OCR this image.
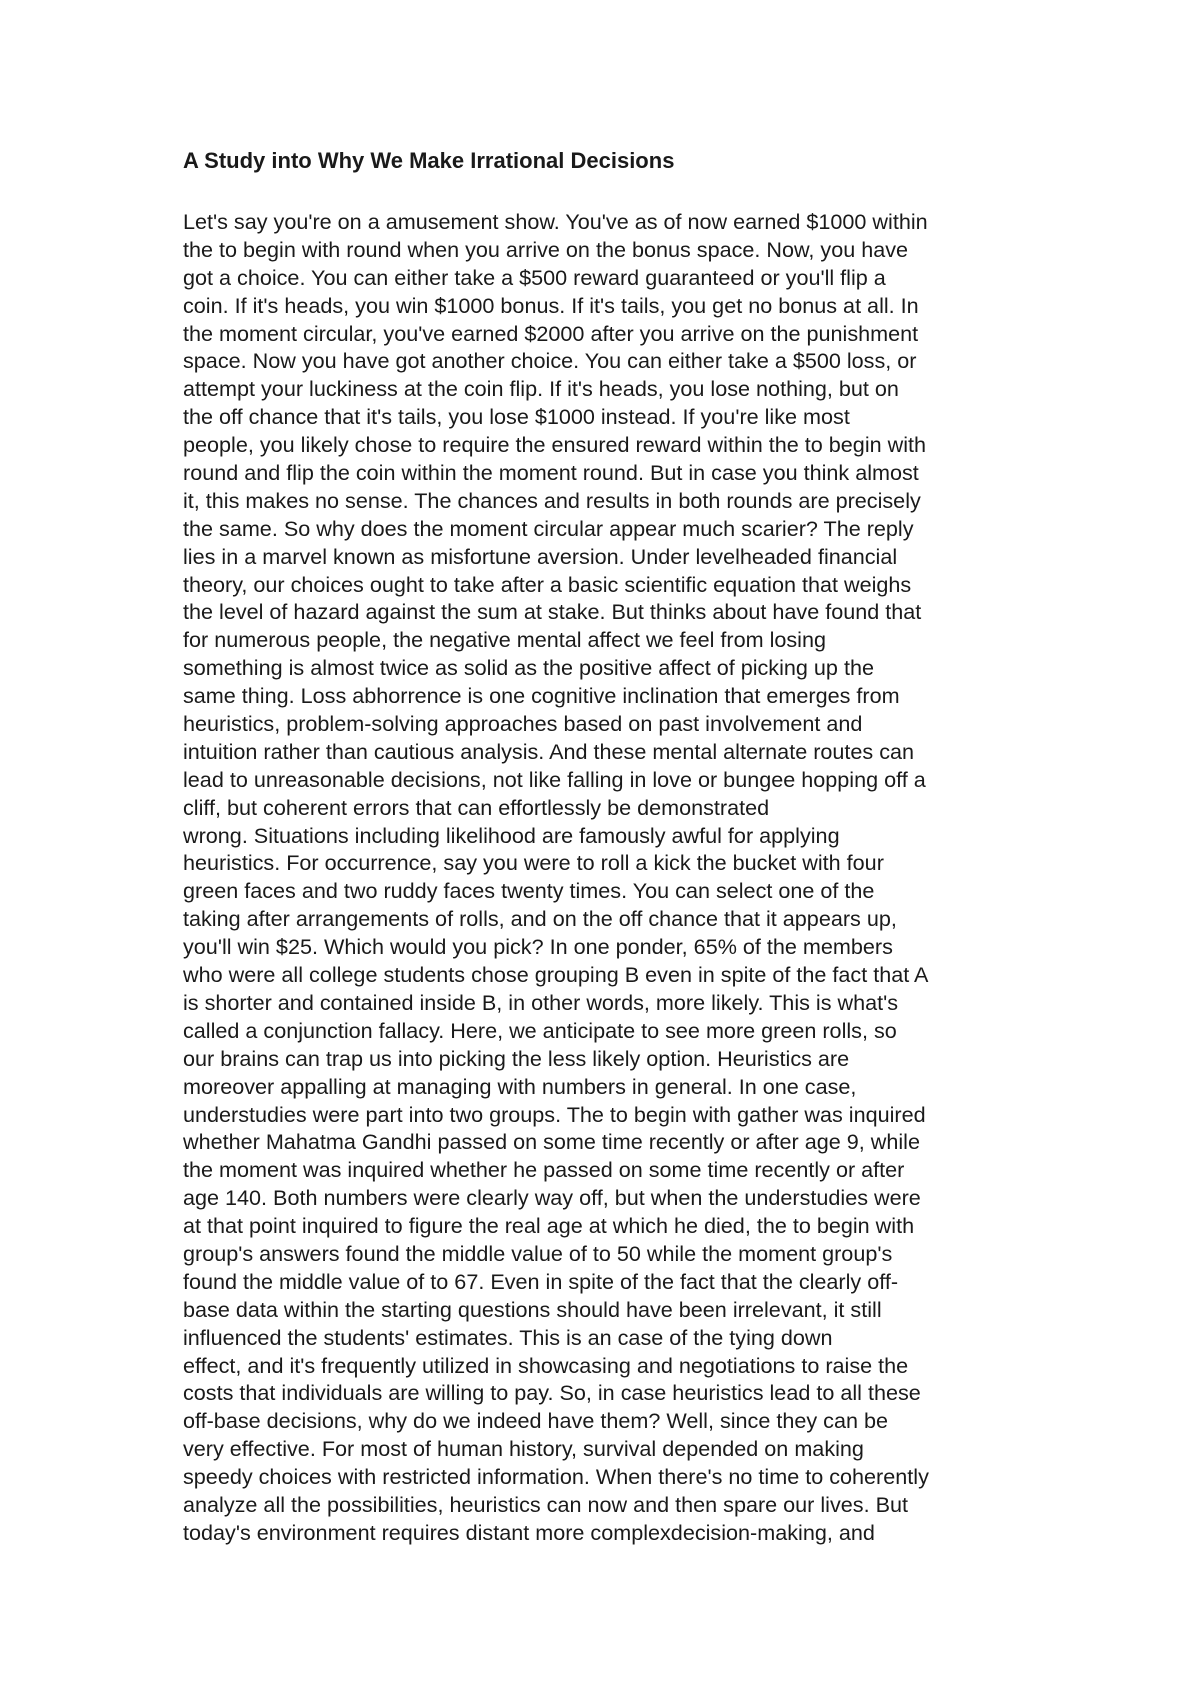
A Study into Why We Make Irrational Decisions

Let's say you're on a amusement show. You've as of now earned $1000 within
the to begin with round when you arrive on the bonus space. Now, you have
got a choice. You can either take a $500 reward guaranteed or you'll flip a
coin. If it's heads, you win $1000 bonus. If it's tails, you get no bonus at all. In
the moment circular, you've earned $2000 after you arrive on the punishment
space. Now you have got another choice. You can either take a $500 loss, or
attempt your luckiness at the coin flip. If it's heads, you lose nothing, but on
the off chance that it's tails, you lose $1000 instead. If you're like most
people, you likely chose to require the ensured reward within the to begin with
round and flip the coin within the moment round. But in case you think almost
it, this makes no sense. The chances and results in both rounds are precisely
the same. So why does the moment circular appear much scarier? The reply
lies in a marvel known as misfortune aversion. Under levelheaded financial
theory, our choices ought to take after a basic scientific equation that weighs
the level of hazard against the sum at stake. But thinks about have found that
for numerous people, the negative mental affect we feel from losing
something is almost twice as solid as the positive affect of picking up the
same thing. Loss abhorrence is one cognitive inclination that emerges from
heuristics, problem-solving approaches based on past involvement and
intuition rather than cautious analysis. And these mental alternate routes can
lead to unreasonable decisions, not like falling in love or bungee hopping off a
cliff, but coherent errors that can effortlessly be demonstrated
wrong. Situations including likelihood are famously awful for applying
heuristics. For occurrence, say you were to roll a kick the bucket with four
green faces and two ruddy faces twenty times. You can select one of the
taking after arrangements of rolls, and on the off chance that it appears up,
you'll win $25. Which would you pick? In one ponder, 65% of the members
who were all college students chose grouping B even in spite of the fact that A
is shorter and contained inside B, in other words, more likely. This is what's
called a conjunction fallacy. Here, we anticipate to see more green rolls, so
our brains can trap us into picking the less likely option. Heuristics are
moreover appalling at managing with numbers in general. In one case,
understudies were part into two groups. The to begin with gather was inquired
whether Mahatma Gandhi passed on some time recently or after age 9, while
the moment was inquired whether he passed on some time recently or after
age 140. Both numbers were clearly way off, but when the understudies were
at that point inquired to figure the real age at which he died, the to begin with
group's answers found the middle value of to 50 while the moment group's
found the middle value of to 67. Even in spite of the fact that the clearly off-
base data within the starting questions should have been irrelevant, it still
influenced the students' estimates. This is an case of the tying down
effect, and it's frequently utilized in showcasing and negotiations to raise the
costs that individuals are willing to pay. So, in case heuristics lead to all these
off-base decisions, why do we indeed have them? Well, since they can be
very effective. For most of human history, survival depended on making
speedy choices with restricted information. When there's no time to coherently
analyze all the possibilities, heuristics can now and then spare our lives. But
today's environment requires distant more complexdecision-making, and
